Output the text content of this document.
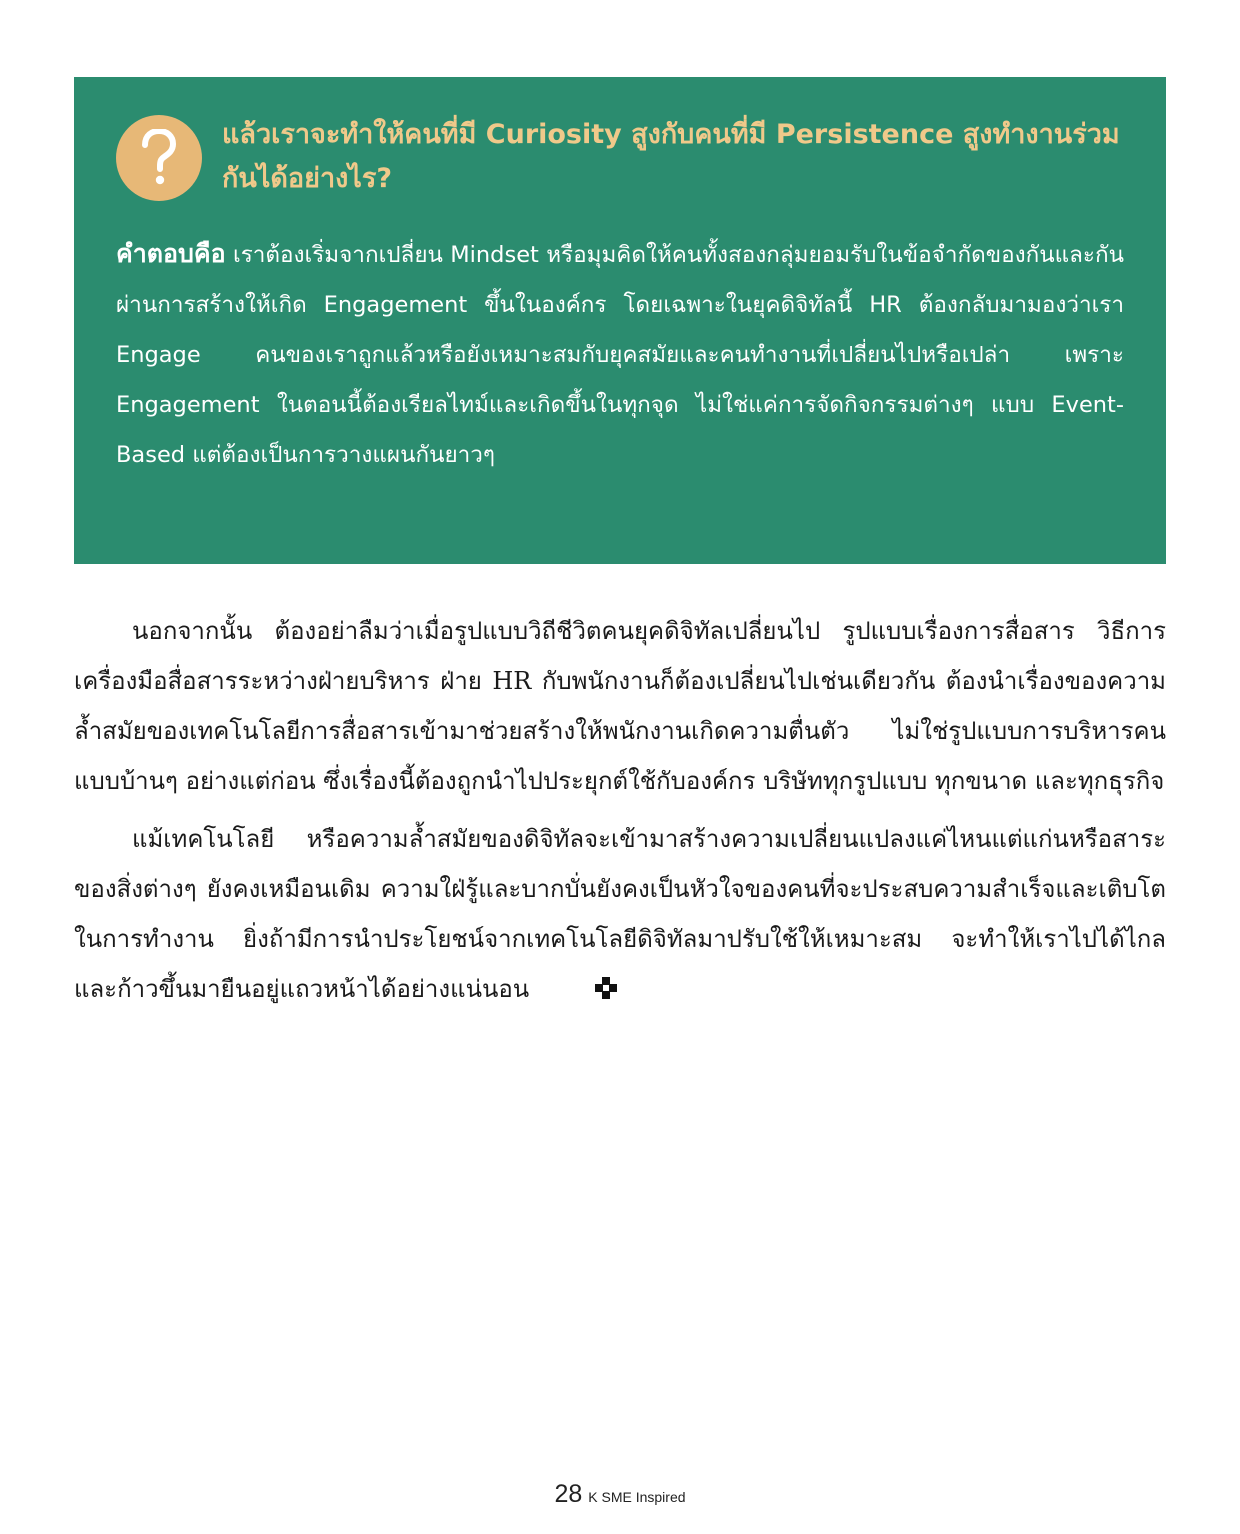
แล้วเราจะทำให้คนที่มี Curiosity สูงกับคนที่มี Persistence สูงทำงานร่วมกันได้อย่างไร?

คำตอบคือ เราต้องเริ่มจากเปลี่ยน Mindset หรือมุมคิดให้คนทั้งสองกลุ่มยอมรับในข้อจำกัดของกันและกัน ผ่านการสร้างให้เกิด Engagement ขึ้นในองค์กร โดยเฉพาะในยุคดิจิทัลนี้ HR ต้องกลับมามองว่าเรา Engage คนของเราถูกแล้วหรือยังเหมาะสมกับยุคสมัยและคนทำงานที่เปลี่ยนไปหรือเปล่า เพราะ Engagement ในตอนนี้ต้องเรียลไทม์และเกิดขึ้นในทุกจุด ไม่ใช่แค่การจัดกิจกรรมต่างๆ แบบ Event-Based แต่ต้องเป็นการวางแผนกันยาวๆ

นอกจากนั้น ต้องอย่าลืมว่าเมื่อรูปแบบวิถีชีวิตคนยุคดิจิทัลเปลี่ยนไป รูปแบบเรื่องการสื่อสาร วิธีการ เครื่องมือสื่อสารระหว่างฝ่ายบริหาร ฝ่าย HR กับพนักงานก็ต้องเปลี่ยนไปเช่นเดียวกัน ต้องนำเรื่องของความล้ำสมัยของเทคโนโลยีการสื่อสารเข้ามาช่วยสร้างให้พนักงานเกิดความตื่นตัว ไม่ใช่รูปแบบการบริหารคนแบบบ้านๆ อย่างแต่ก่อน ซึ่งเรื่องนี้ต้องถูกนำไปประยุกต์ใช้กับองค์กร บริษัททุกรูปแบบ ทุกขนาด และทุกธุรกิจ

แม้เทคโนโลยี หรือความล้ำสมัยของดิจิทัลจะเข้ามาสร้างความเปลี่ยนแปลงแค่ไหนแต่แก่นหรือสาระของสิ่งต่างๆ ยังคงเหมือนเดิม ความใฝ่รู้และบากบั่นยังคงเป็นหัวใจของคนที่จะประสบความสำเร็จและเติบโตในการทำงาน ยิ่งถ้ามีการนำประโยชน์จากเทคโนโลยีดิจิทัลมาปรับใช้ให้เหมาะสม จะทำให้เราไปได้ไกลและก้าวขึ้นมายืนอยู่แถวหน้าได้อย่างแน่นอน

28 K SME Inspired
